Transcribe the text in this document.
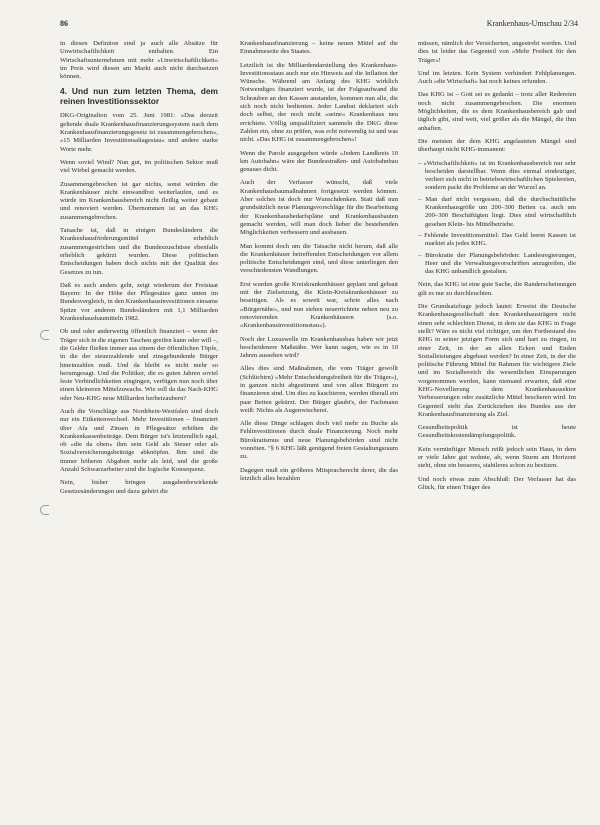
86	Krankenhaus-Umschau 2/34

in diesen Definiton sind ja auch alle Absätze für Unwirtschaftlichkeit enthalten. Ein Wirtschaftsunternehmen mit mehr »Unwirtschaftlichkeit« im Preis wird diesen am Markt auch nicht durchsetzen können.

4. Und nun zum letzten Thema, dem reinen Investitionssektor

DKG-Originalton vom 25. Juni 1981: »Das derzeit geltende duale Krankenhausfinanzierungssystem nach dem Krankenhausfinanzierungsgesetz ist zusammengebrochen«, »15 Milliarden Investitionsaltagestau« und andere starke Worte mehr.

Wenn soviel Wind? Nun gut, im politischen Sektor muß viel Wirbel gemacht werden.

Zusammengebrochen ist gar nichts, sonst würden die Krankenhäuser nicht einwandfrei weiterlaufen, und es würde im Krankenhausbereich nicht fleißig weiter gebaut und renoviert werden. Übernommen ist an das KHG zusammengebrochen.

Tatsache ist, daß in einigen Bundesländern die Krankenhausförderungsmittel erheblich zusammengestrichen und die Bundeszuschüsse ebenfalls erheblich gekürzt wurden. Diese politischen Entscheidungen haben doch nichts mit der Qualität des Gesetzes zu tun.

Daß es auch anders geht, zeigt wiederum der Freistaat Bayern: In der Höhe der Pflegesätze ganz unten im Bundesvergleich, in den Krankenhausinvestitionen einsame Spitze vor anderen Bundesländern mit 1,1 Milliarden Krankenhausbaumitteln 1982.

Ob und oder anderweitig öffentlich finanziert – wenn der Träger sich in die eigenen Taschen greifen kann oder will –, die Gelder fließen immer aus einem der öffentlichen Töpfe, in die der steuerzahlende und zinsgebundende Bürger hineinzahlen muß. Und da bleibt es nicht mehr so herumgesagt. Und die Politiker, die es guten Jahren soviel feste Verbindlichkeiten eingingen, verfügen nun noch über einen kleineren Mittelzuwachs. Wie soll da das Nach-KHG oder Neu-KHG neue Milliarden herbeizaubern?

Auch die Vorschläge aus Nordrhein-Westfalen sind doch nur ein Etikettenwechsel. Mehr Investitionen – finanziert über Afa und Zinsen in Pflegesätze erhöhen die Krankenkassenbeiträge. Dem Bürger ist's letztendlich egal, ob »die da oben« ihm sein Geld als Steuer oder als Sozialversicherungsbeiträge abknöpfen. Ihm sind die immer höheren Abgaben mehr als leid, und die große Anzahl Schwarzarbeiter sind die logische Konsequenz.

Nein, bisher bringen ausgabenbewirkende Gesetzesänderungen und dazu gehört die

Krankenhausfinanzierung – keine neuen Mittel auf die Einnahmeseite des Staates.

Letztlich ist die Milliardendarstellung des Krankenhaus-Investitionsstaus auch nur ein Hinweis auf die Inflation der Wünsche. Während am Anfang des KHG wirklich Notwendiges finanziert wurde, ist der Folgeaufwand die Schrauben an den Kassen anstanden, kommen nun alle, die sich noch nicht bedienten. Jeder Landrat deklariert sich doch selbst, der noch nicht »seine« Krankenhaus neu errichtete. Völlig unqualifiziert sammeln die DKG diese Zahlen ein, ohne zu prüfen, was echt notwendig ist und was nicht. »Das KHG ist zusammengebrochen«!

Wenn die Parole ausgegeben würde »Jedem Landkreis 10 km Autobahn« wäre der Bundesstraßen- und Autobahnbau genauso dicht.

Auch der Verfasser wünscht, daß viele Krankenhausbaumaßnahmen fortgesetzt werden können. Aber solches ist doch nur Wunschdenken. Statt daß nun grundsätzlich neue Planungsvorschläge für die Bearbeitung der Krankenhausbedarfspläne und Krankenhausbauten gemacht werden, will man doch lieber die bestehenden Möglichkeiten verbessern und ausbauen.

Man kommt doch um die Tatsache nicht herum, daß alle die Krankenhäuser betreffenden Entscheidungen vor allem politische Entscheidungen sind, und diese unterliegen den verschiedensten Wandlungen.

Erst wurden große Kreiskrankenhäuser geplant und gebaut mit der Zielsetzung, die Klein-Kreiskrankenhäuser zu beseitigen. Als es soweit war, schrie alles nach »Bürgernähe«, und nun stehen neuerrichtete neben neu zu renovierenden Krankenhäusern (s.o. »Krankenhausinvestitionsstau«).

Noch der Luxuswelle im Krankenhausbau haben wir jetzt bescheidenere Maßstäbe. Wer kann sagen, wie es in 10 Jahren aussehen wird?

Alles dies sind Maßnahmen, die vom Träger gewollt (Schlüchtrn) »Mehr Entscheidungsfreiheit für die Träger«), in ganzen nicht abgestimmt und von allen Bürgern zu finanzieren sind. Um dies zu kaschieren, werden überall ein paar Betten gekürzt. Der Bürger glaubt's, der Fachmann weiß: Nichts als Augenwischerei.

Alle diese Dinge schlagen doch viel mehr zu Buche als Fehlinvestitionen durch duale Finanzierung. Noch mehr Bürokratismus und neue Planungsbehörden sind nicht vonnöten. "§ 6 KHG läßt genügend freien Gestaltungsraum zu.

Dagegen muß ein größeres Mitspracherecht derer, die das letztlich alles bezahlen

müssen, nämlich der Versicherten, angestrebt werden. Und dies ist leider das Gegenteil von »Mehr Freiheit für den Träger«!

Und im letzten. Kein System verhindert Fehlplanungen. Auch »die Wirtschaft« hat noch keines erfunden.

Das KHG ist – Gott sei es gedankt – trotz aller Redereien noch nicht zusammengebrochen. Die enormen Möglichkeiten, die es dem Krankenhausbereich gab und täglich gibt, sind weit, viel größer als die Mängel, die ihm anhaften.

Die meisten der dem KHG angelasteten Mängel sind überhaupt nicht KHG-immanent:

– »Wirtschaftlichkeit« ist im Krankenhausbereich nur sehr bescheiden darstellbar. Wenn dies einmal eindeutiger, verliert sich nicht in betriebswirtschaftlichen Spielereien, sondern packt die Probleme an der Wurzel an.
– Man darf nicht vergessen, daß die durchschnittliche Krankenhausgröße um 200–300 Betten ca. auch um 200–300 Beschäftigten liegt. Dies sind wirtschaftlich gesehen Klein- bis Mittelbetriebe.
– Fehlende Investitionsmittel: Das Geld leeret Kassen ist marktet als jedes KHG.
– Bürokratie der Planungsbehörden: Landesregierungen, Heer und die Verwaltungsvorschriften anzugreifen, die das KHG unbandlich gestalten.

Nein, das KHG ist eine gute Sache, die Randerscheinungen gilt es nur zu durchleuchten.

Die Grundsatzfrage jedoch lautet: Erweist die Deutsche Krankenhausgesellschaft den Krankenhausträgern nicht einen sehr schlechten Dienst, in dem sie das KHG in Frage stellt? Wäre es nicht viel richtiger, um den Fortbestand des KHG in seiner jetzigen Form sich und hart zu ringen, in einer Zeit, in der an allen Ecken und Enden Sozialleistungen abgebaut werden? In einer Zeit, in der die politische Führung Mittel für Rahmen für wichtigere Ziele und im Sozialbereich die wesentlichen Einsparungen vorgenommen werden, kann niemand erwarten, daß eine KHG-Novellierung dem Krankenhaussektor Verbesserungen oder zusätzliche Mittel bescheren wird. Im Gegenteil steht das Zurückziehen des Bundes aus der Krankenhausfinanzierung als Ziel.

Gesundheitspolitik ist heute Gesundheitskostendämpfungspolitik.

Kein vernünftiger Mensch reißt jedoch sein Haus, in dem er viele Jahre gut wohnte, ab, wenn Sturm am Horizont steht, ohne ein besseres, stabileres schon zu besitzen.

Und noch etwas zum Abschluß: Der Verfasser hat das Glück, für einen Träger des
